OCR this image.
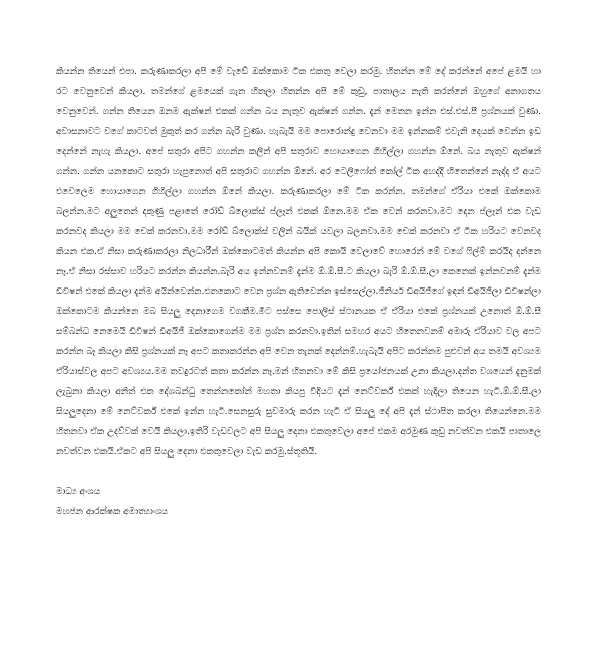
කියන්න තියෙන් එපා. කරුණාකරලා අපි මේ වැඩේ ඔක්කොම ටික එකතු වෙලා කරමු. හිතන්න මේ දේ කරන්නේ අපේ ළමයි හා රට වෙනුවෙන් කියලා. තමන්ගේ ළමයෙක් ගැන හිතලා හිතන්න අපි මේ කුඩු, පාතාලය නැති කරන්නේ ඔහුගේ අනාගතය වෙනුවෙන්. ගන්න තියෙන ඔනම ඇක්ෂන් එකක් ගන්න බය නැතුව ඇක්ෂන් ගන්න. දැන් මෙතන ඉන්න එස්.එස්.පී ප්‍රශ්නයක් වුණා. අවාසනාවට වගේ කාටවත් මුකුත් කර ගන්න බැරි වුණා. හැබැයි මම පොරොන්දු වෙනවා මම ඉන්නකම් එවැනි දෙයක් වෙන්න ඉඩ දෙන්නේ නැහැ කියලා. අපේ සතුරා අපිට ගහන්න කලින් අපි සතුරාව හොයාගෙන ගිහිල්ලා ගහන්න ඕනේ. බය නැතුව ඇක්ෂන් ගන්න. ගන්න යනකොට සතුරා හැපුනොත් අපි සතුරාට ගහන්න ඕනේ. අර ටෙලිෆෝන් කෝල් ටික අහද්දී හිතෙන්නේ නැද්ද ඒ අයට එවෙලෙම හොයාගෙන ගිහිල්ලා ගහන්න ඕනේ කියලා. කරුණාකරලා මේ ටික කරන්න. තමන්ගේ ඒරියා එකේ ඔක්කොම බලන්න.මට අලුතෙන් දකුණු පළාතේ රෝඩ් බ්ලොක්ස් ප්ලෑන් එකක් ඕනෙ.මම ඒක වෙන් කරනවා.මට දෙන ප්ලෑන් එක වැඩ කරනවද කියලා මම චෙක් කරනවා.මම රෝඩ් බ්ලොක්ස් වලින් බයික් යවලා බලනවා.මම චෙක් කරනවා ඒ ටික හරියට වෙනවද කියන එක.ඒ නිසා කරුණාකරලා නිලධාරීන් ඔක්කොටමත් කියන්න අපි කොයි වෙලාවේ හොරෙන් මේ වගේ ෆිල්ම් කරයිද දන්නෙ නෑ.ඒ නිසා රස්සාව හරියට කරන්න කියන්න.බැරි අය ඉන්නවනම් දැන්ම ඕ.ඕ.සී.ට කියලා බැරි ඕ.ඕ.සී.ලා කෙනෙක් ඉන්නවනම් දැන්ම ඩීවිෂන් එකේ කියලා දැන්ම අයින්වෙන්න.එතකොට වෙන ප්‍රශ්න ඇතිවෙන්න ඉස්සෙල්ලා.ජීනියර් ඩීඅයිජීගේ ඉඳන් ඩීඅයිජීලා ඩිවිෂන්ලා ඔක්කොටම කියන්නෙ මබ සියලු දෙනාගෙම වගකීම.මීට පස්සෙ පොලිස් ස්ථානයක ඒ ඒරියා එකේ ප්‍රශ්නයක් උනොත් ඕ.ඕ.සී සම්බන්ධ නෙමෙයි ඩිවිෂන් ඩීඅයිජී ඔක්කොගෙන්ම මම ප්‍රශ්න කරනවා.ඉතින් සමහර අයට හිතෙනවනම් අමාරු ඒරියාව වල අපට කරන්න බෑ කියලා කිසි ප්‍රශ්නයක් නෑ අපට කතාකරන්න අපි වෙන තැනක් දෙන්නම්.හැබැයි අපිට කරන්නම පුළුවන් අය තමයි අවශ්‍යම ඒරියාස්වල අපට අවශ්‍යය.මම තවදුරටත් කතා කරන්න නෑ.මන් හිතනවා මේ කිසි ප්‍රයෝජනයක් උනා කියලා.දන්ත වශයෙන් දැනුමක් ලැබුනා කියලා අනිත් එක දේශබන්ධු තෙන්නකෝන් මහතා කියපු විදියට දැන් නෙට්වර්ක් එකක් හැදිලා තියෙන හැටි.ඕ.ඕ.සී.ලා සියලුදෙනා මේ නෙට්වර්ක් එකේ ඉන්න හැටි.සෙනසුරු සුවමාරු කරන හැටි ඒ සියලු දේ අපි දැන් ස්ථාපිත කරලා තියෙන්නෙ.මම හිතනවා ඒක උදව්වක් වෙයි කියලා.ඉතිරි වැඩවලට අපි සියලු දෙනා එකතුවෙලා අපේ එකම අරමුණ කුඩු නවත්වන එකයි පාතාලෙ නවත්වන එකයි.ඒකට අපි සියලු දෙනා එකතුවෙලා වැඩ කරමු.ස්තූතියි.

මාධ්‍ය අංශය
මහජන ආරක්ෂක අමාත්‍යාංශය
